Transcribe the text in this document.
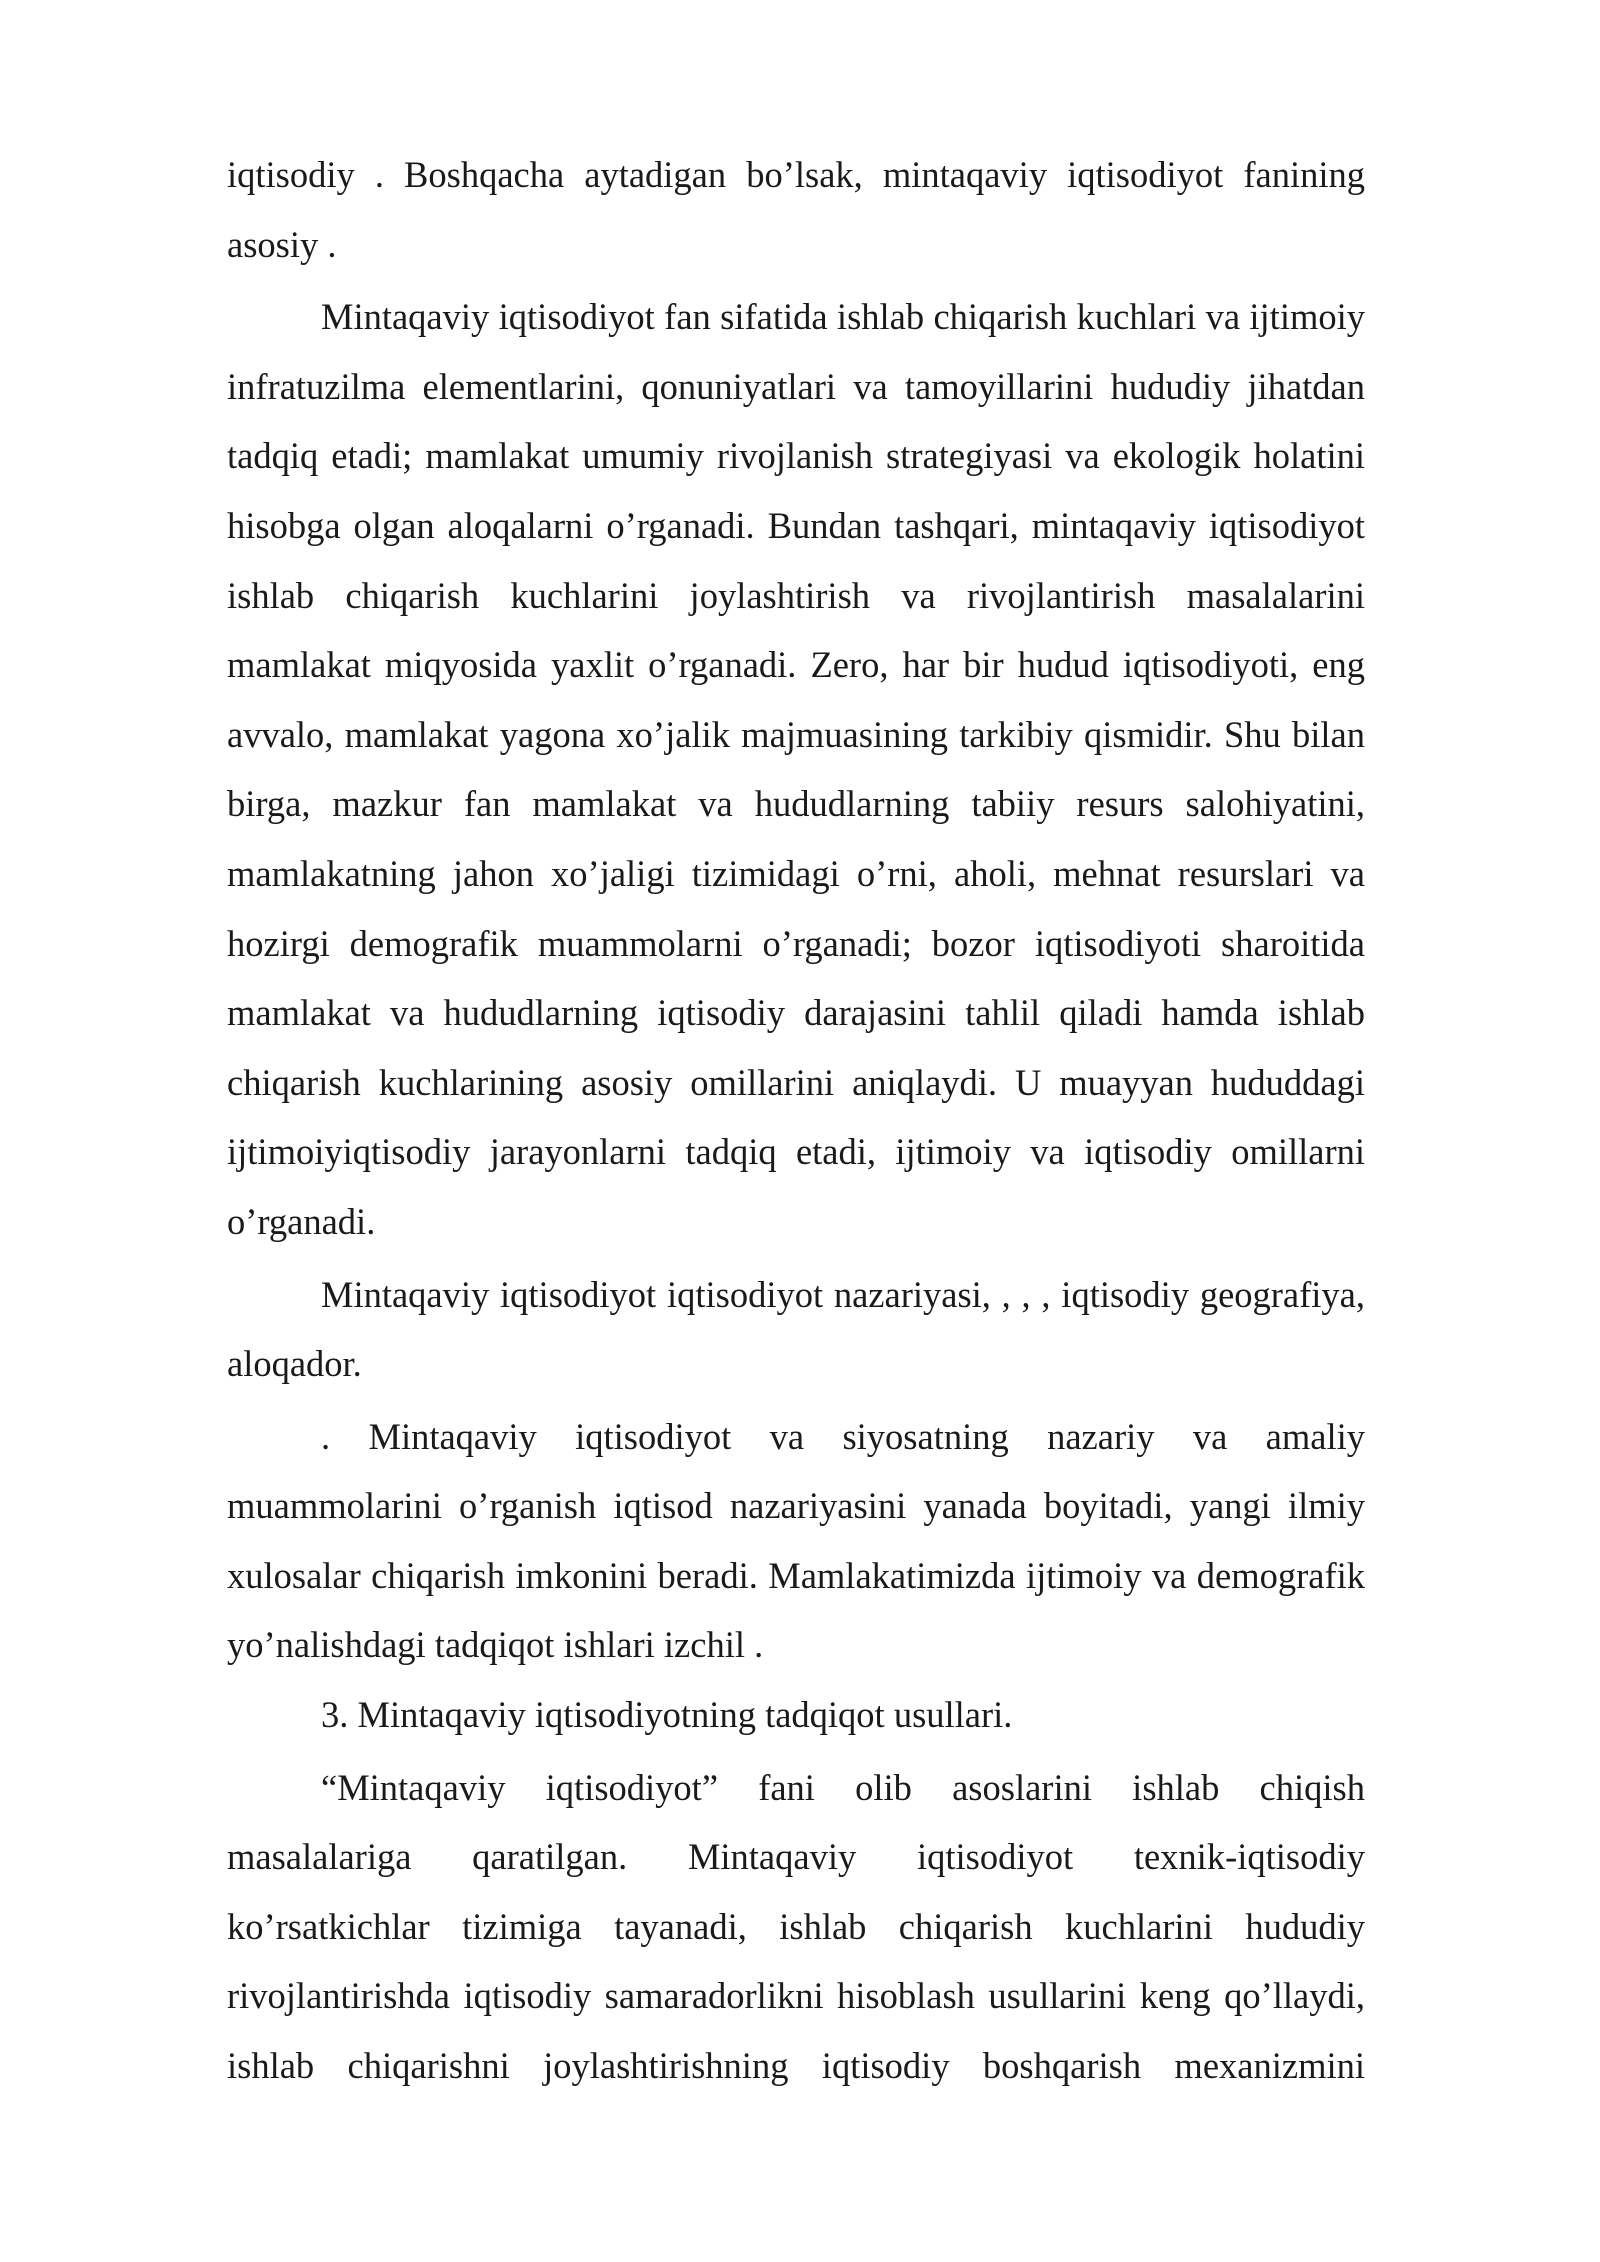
iqtisodiy . Boshqacha aytadigan bo’lsak, mintaqaviy iqtisodiyot fanining asosiy .

Mintaqaviy iqtisodiyot fan sifatida ishlab chiqarish kuchlari va ijtimoiy infratuzilma elementlarini, qonuniyatlari va tamoyillarini hududiy jihatdan tadqiq etadi; mamlakat umumiy rivojlanish strategiyasi va ekologik holatini hisobga olgan aloqalarni o’rganadi. Bundan tashqari, mintaqaviy iqtisodiyot ishlab chiqarish kuchlarini joylashtirish va rivojlantirish masalalarini mamlakat miqyosida yaxlit o’rganadi. Zero, har bir hudud iqtisodiyoti, eng avvalo, mamlakat yagona xo’jalik majmuasining tarkibiy qismidir. Shu bilan birga, mazkur fan mamlakat va hududlarning tabiiy resurs salohiyatini, mamlakatning jahon xo’jaligi tizimidagi o’rni, aholi, mehnat resurslari va hozirgi demografik muammolarni o’rganadi; bozor iqtisodiyoti sharoitida mamlakat va hududlarning iqtisodiy darajasini tahlil qiladi hamda ishlab chiqarish kuchlarining asosiy omillarini aniqlaydi. U muayyan hududdagi ijtimoiyiqtisodiy jarayonlarni tadqiq etadi, ijtimoiy va iqtisodiy omillarni o’rganadi.

Mintaqaviy iqtisodiyot iqtisodiyot nazariyasi, , , , iqtisodiy geografiya, aloqador.

. Mintaqaviy iqtisodiyot va siyosatning nazariy va amaliy muammolarini o’rganish iqtisod nazariyasini yanada boyitadi, yangi ilmiy xulosalar chiqarish imkonini beradi. Mamlakatimizda ijtimoiy va demografik yo’nalishdagi tadqiqot ishlari izchil .

3. Mintaqaviy iqtisodiyotning tadqiqot usullari.

“Mintaqaviy iqtisodiyot” fani olib asoslarini ishlab chiqish masalalariga qaratilgan. Mintaqaviy iqtisodiyot texnik-iqtisodiy ko’rsatkichlar tizimiga tayanadi, ishlab chiqarish kuchlarini hududiy rivojlantirishda iqtisodiy samaradorlikni hisoblash usullarini keng qo’llaydi, ishlab chiqarishni joylashtirishning iqtisodiy boshqarish mexanizmini
